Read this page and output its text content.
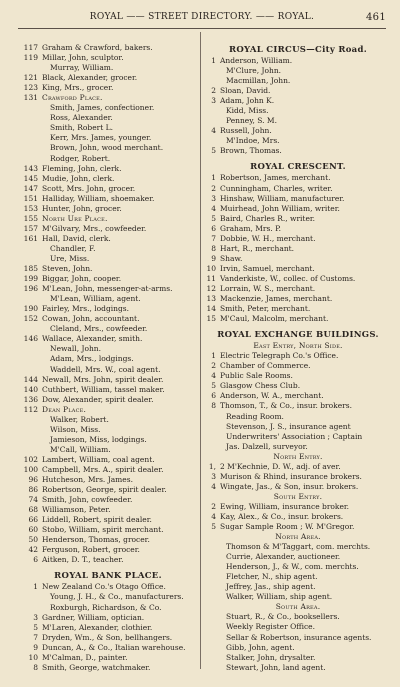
ROYAL —— STREET DIRECTORY. —— ROYAL.	461
117 Graham & Crawford, bakers.
119 Millar, John, sculptor.
Murray, William.
121 Black, Alexander, grocer.
123 King, Mrs., grocer.
131 Crawford Place.
Smith, James, confectioner.
Ross, Alexander.
Smith, Robert L.
Kerr, Mrs. James, younger.
Brown, John, wood merchant.
Rodger, Robert.
143 Fleming, John, clerk.
145 Mudie, John, clerk.
147 Scott, Mrs. John, grocer.
151 Halliday, William, shoemaker.
153 Hunter, John, grocer.
155 North Ure Place.
157 M'Gilvary, Mrs., cowfeeder.
161 Hall, David, clerk.
Chandler, F.
Ure, Miss.
185 Steven, John.
199 Biggar, John, cooper.
196 M'Lean, John, messenger-at-arms.
M'Lean, William, agent.
190 Fairley, Mrs., lodgings.
152 Cowan, John, accountant.
Cleland, Mrs., cowfeeder.
146 Wallace, Alexander, smith.
Newall, John.
Adam, Mrs., lodgings.
Waddell, Mrs. W., coal agent.
144 Newall, Mrs. John, spirit dealer.
140 Cuthbert, William, tassel maker.
136 Dow, Alexander, spirit dealer.
112 Dean Place.
Walker, Robert.
Wilson, Miss.
Jamieson, Miss, lodgings.
M'Call, William.
102 Lambert, William, coal agent.
100 Campbell, Mrs. A., spirit dealer.
96 Hutcheson, Mrs. James.
86 Robertson, George, spirit dealer.
74 Smith, John, cowfeeder.
68 Williamson, Peter.
66 Liddell, Robert, spirit dealer.
60 Stobo, William, spirit merchant.
50 Henderson, Thomas, grocer.
42 Ferguson, Robert, grocer.
6 Aitken, D. T., teacher.
ROYAL BANK PLACE.
1 New Zealand Co.'s Otago Office.
Young, J. H., & Co., manufacturers.
Roxburgh, Richardson, & Co.
3 Gardner, William, optician.
5 M'Laren, Alexander, clothier.
7 Dryden, Wm., & Son, bellhangers.
9 Duncan, A., & Co., Italian warehouse.
10 M'Calman, D., painter.
8 Smith, George, watchmaker.
ROYAL CIRCUS—City Road.
1 Anderson, William.
M'Clure, John.
Macmillan, John.
2 Sloan, David.
3 Adam, John K.
Kidd, Miss.
Penney, S. M.
4 Russell, John.
M'Indoe, Mrs.
5 Brown, Thomas.
ROYAL CRESCENT.
1 Robertson, James, merchant.
2 Cunningham, Charles, writer.
3 Hinshaw, William, manufacturer.
4 Muirhead, John William, writer.
5 Baird, Charles R., writer.
6 Graham, Mrs. P.
7 Dobbie, W. H., merchant.
8 Hart, R., merchant.
9 Shaw.
10 Irvin, Samuel, merchant.
11 Vanderkiste, W., collec. of Customs.
12 Lorrain, W. S., merchant.
13 Mackenzie, James, merchant.
14 Smith, Peter, merchant.
15 M'Caul, Malcolm, merchant.
ROYAL EXCHANGE BUILDINGS.
East Entry, North Side.
1 Electric Telegraph Co.'s Office.
2 Chamber of Commerce.
4 Public Sale Rooms.
5 Glasgow Chess Club.
6 Anderson, W. A., merchant.
8 Thomson, T., & Co., insur. brokers.
Reading Room.
Stevenson, J. S., insurance agent
Underwriters' Association ; Captain
Jas. Dalzell, surveyor.
North Entry.
1, 2 M'Kechnie, D. W., adj. of aver.
3 Murison & Rhind, insurance brokers.
4 Wingate, Jas., & Son, insur. brokers.
South Entry.
2 Ewing, William, insurance broker.
4 Kay, Alex., & Co., insur. brokers.
5 Sugar Sample Room ; W. M'Gregor.
North Area.
Thomson & M'Taggart, com. merchts.
Currie, Alexander, auctioneer.
Henderson, J., & W., com. merchts.
Fletcher, N., ship agent.
Jeffrey, Jas., ship agent.
Walker, William, ship agent.
South Area.
Stuart, R., & Co., booksellers.
Weekly Register Office.
Sellar & Robertson, insurance agents.
Gibb, John, agent.
Stalker, John, drysalter.
Stewart, John, land agent.
